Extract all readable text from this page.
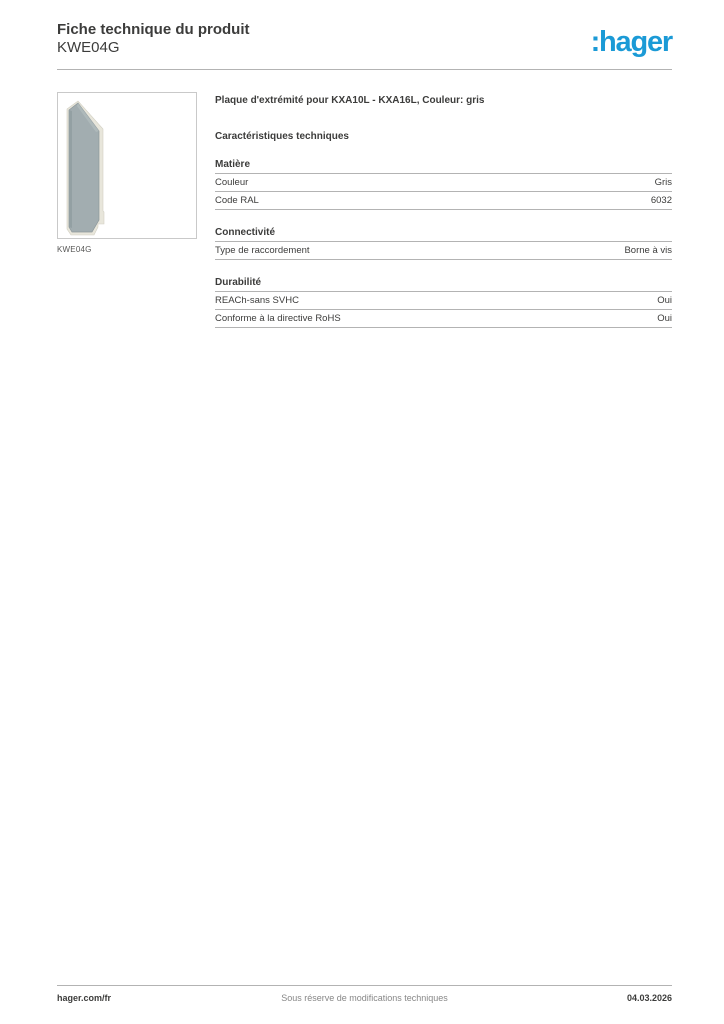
Fiche technique du produit
KWE04G	:hager
KWE04G
Plaque d'extrémité pour KXA10L - KXA16L, Couleur: gris
Caractéristiques techniques
Matière
Couleur	Gris
Code RAL	6032
Connectivité
Type de raccordement	Borne à vis
Durabilité
REACh-sans SVHC	Oui
Conforme à la directive RoHS	Oui
hager.com/fr	Sous réserve de modifications techniques	04.03.2026
